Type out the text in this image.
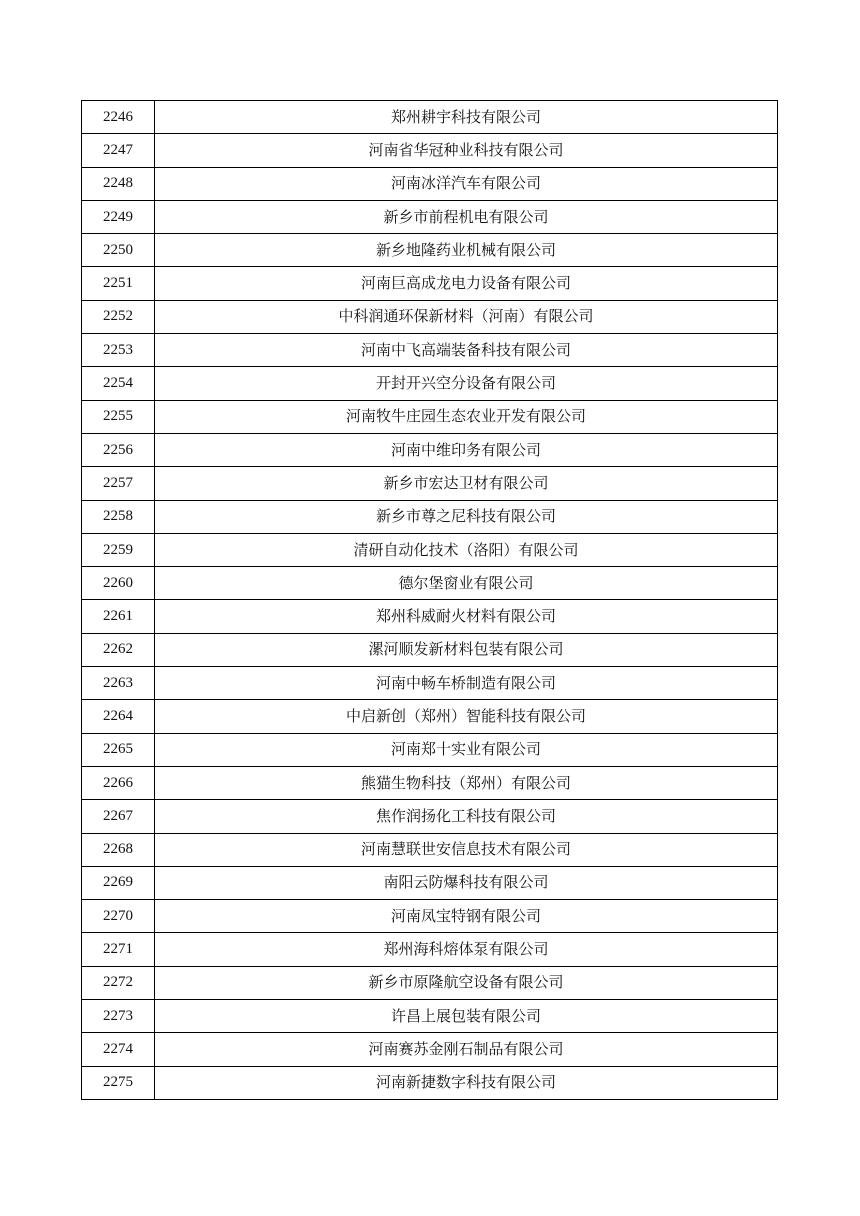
2246	郑州耕宇科技有限公司
2247	河南省华冠种业科技有限公司
2248	河南冰洋汽车有限公司
2249	新乡市前程机电有限公司
2250	新乡地隆药业机械有限公司
2251	河南巨高成龙电力设备有限公司
2252	中科润通环保新材料（河南）有限公司
2253	河南中飞高端装备科技有限公司
2254	开封开兴空分设备有限公司
2255	河南牧牛庄园生态农业开发有限公司
2256	河南中维印务有限公司
2257	新乡市宏达卫材有限公司
2258	新乡市尊之尼科技有限公司
2259	清研自动化技术（洛阳）有限公司
2260	德尔堡窗业有限公司
2261	郑州科威耐火材料有限公司
2262	漯河顺发新材料包装有限公司
2263	河南中畅车桥制造有限公司
2264	中启新创（郑州）智能科技有限公司
2265	河南郑十实业有限公司
2266	熊猫生物科技（郑州）有限公司
2267	焦作润扬化工科技有限公司
2268	河南慧联世安信息技术有限公司
2269	南阳云防爆科技有限公司
2270	河南凤宝特钢有限公司
2271	郑州海科熔体泵有限公司
2272	新乡市原隆航空设备有限公司
2273	许昌上展包装有限公司
2274	河南赛苏金刚石制品有限公司
2275	河南新捷数字科技有限公司
